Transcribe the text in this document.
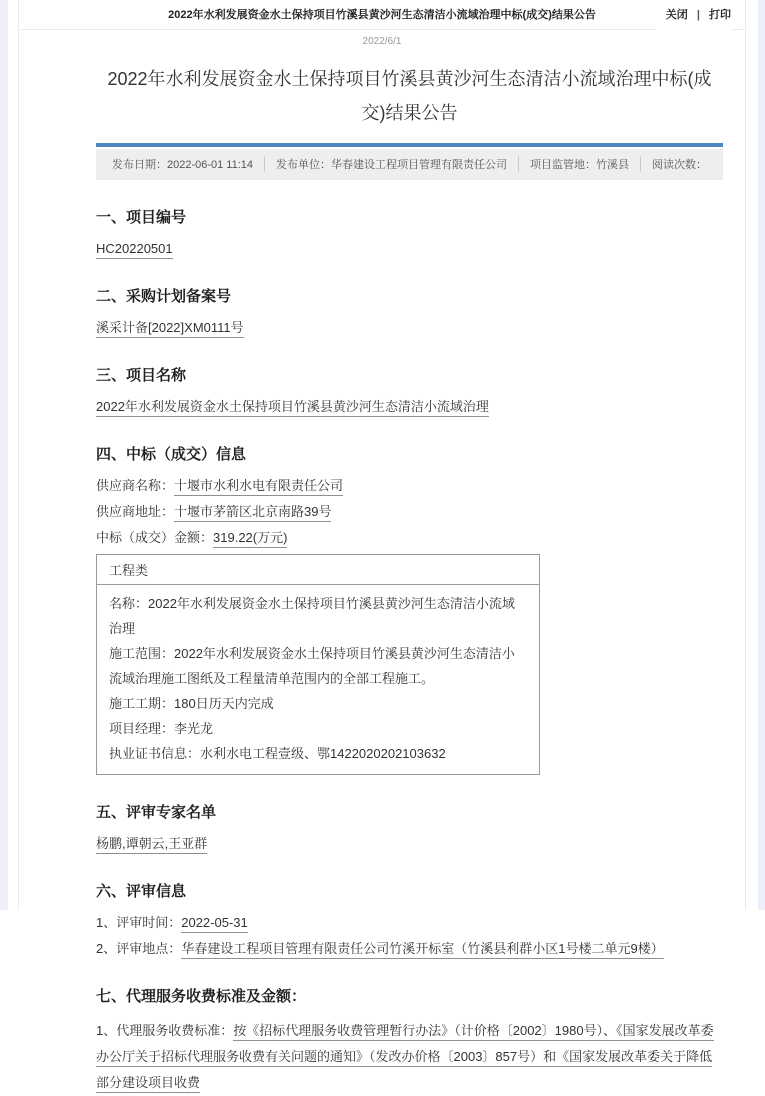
2022年水利发展资金水土保持项目竹溪县黄沙河生态清洁小流域治理中标(成交)结果公告	关闭 | 打印
2022/6/1
2022年水利发展资金水土保持项目竹溪县黄沙河生态清洁小流域治理中标(成交)结果公告
发布日期：2022-06-01 11:14 发布单位：华春建设工程项目管理有限责任公司 项目监管地：竹溪县 阅读次数：
一、项目编号

HC20220501

二、采购计划备案号

溪采计备[2022]XM0111号

三、项目名称

2022年水利发展资金水土保持项目竹溪县黄沙河生态清洁小流域治理

四、中标（成交）信息

供应商名称：十堰市水利水电有限责任公司

供应商地址：十堰市茅箭区北京南路39号

中标（成交）金额：319.22(万元)

工程类

名称：2022年水利发展资金水土保持项目竹溪县黄沙河生态清洁小流域治理
施工范围：2022年水利发展资金水土保持项目竹溪县黄沙河生态清洁小流域治理施工图纸及工程量清单范围内的全部工程施工。
施工工期：180日历天内完成
项目经理：李光龙
执业证书信息：水利水电工程壹级、鄂1422020202103632
五、评审专家名单

杨鹏,谭朝云,王亚群

六、评审信息

1、评审时间：2022-05-31

2、评审地点：华春建设工程项目管理有限责任公司竹溪开标室（竹溪县利群小区1号楼二单元9楼）

七、代理服务收费标准及金额：

1、代理服务收费标准：按《招标代理服务收费管理暂行办法》（计价格〔2002〕1980号）、《国家发展改革委办公厅关于招标代理服务收费有关问题的通知》（发改办价格〔2003〕857号）和《国家发展改革委关于降低部分建设项目收费
